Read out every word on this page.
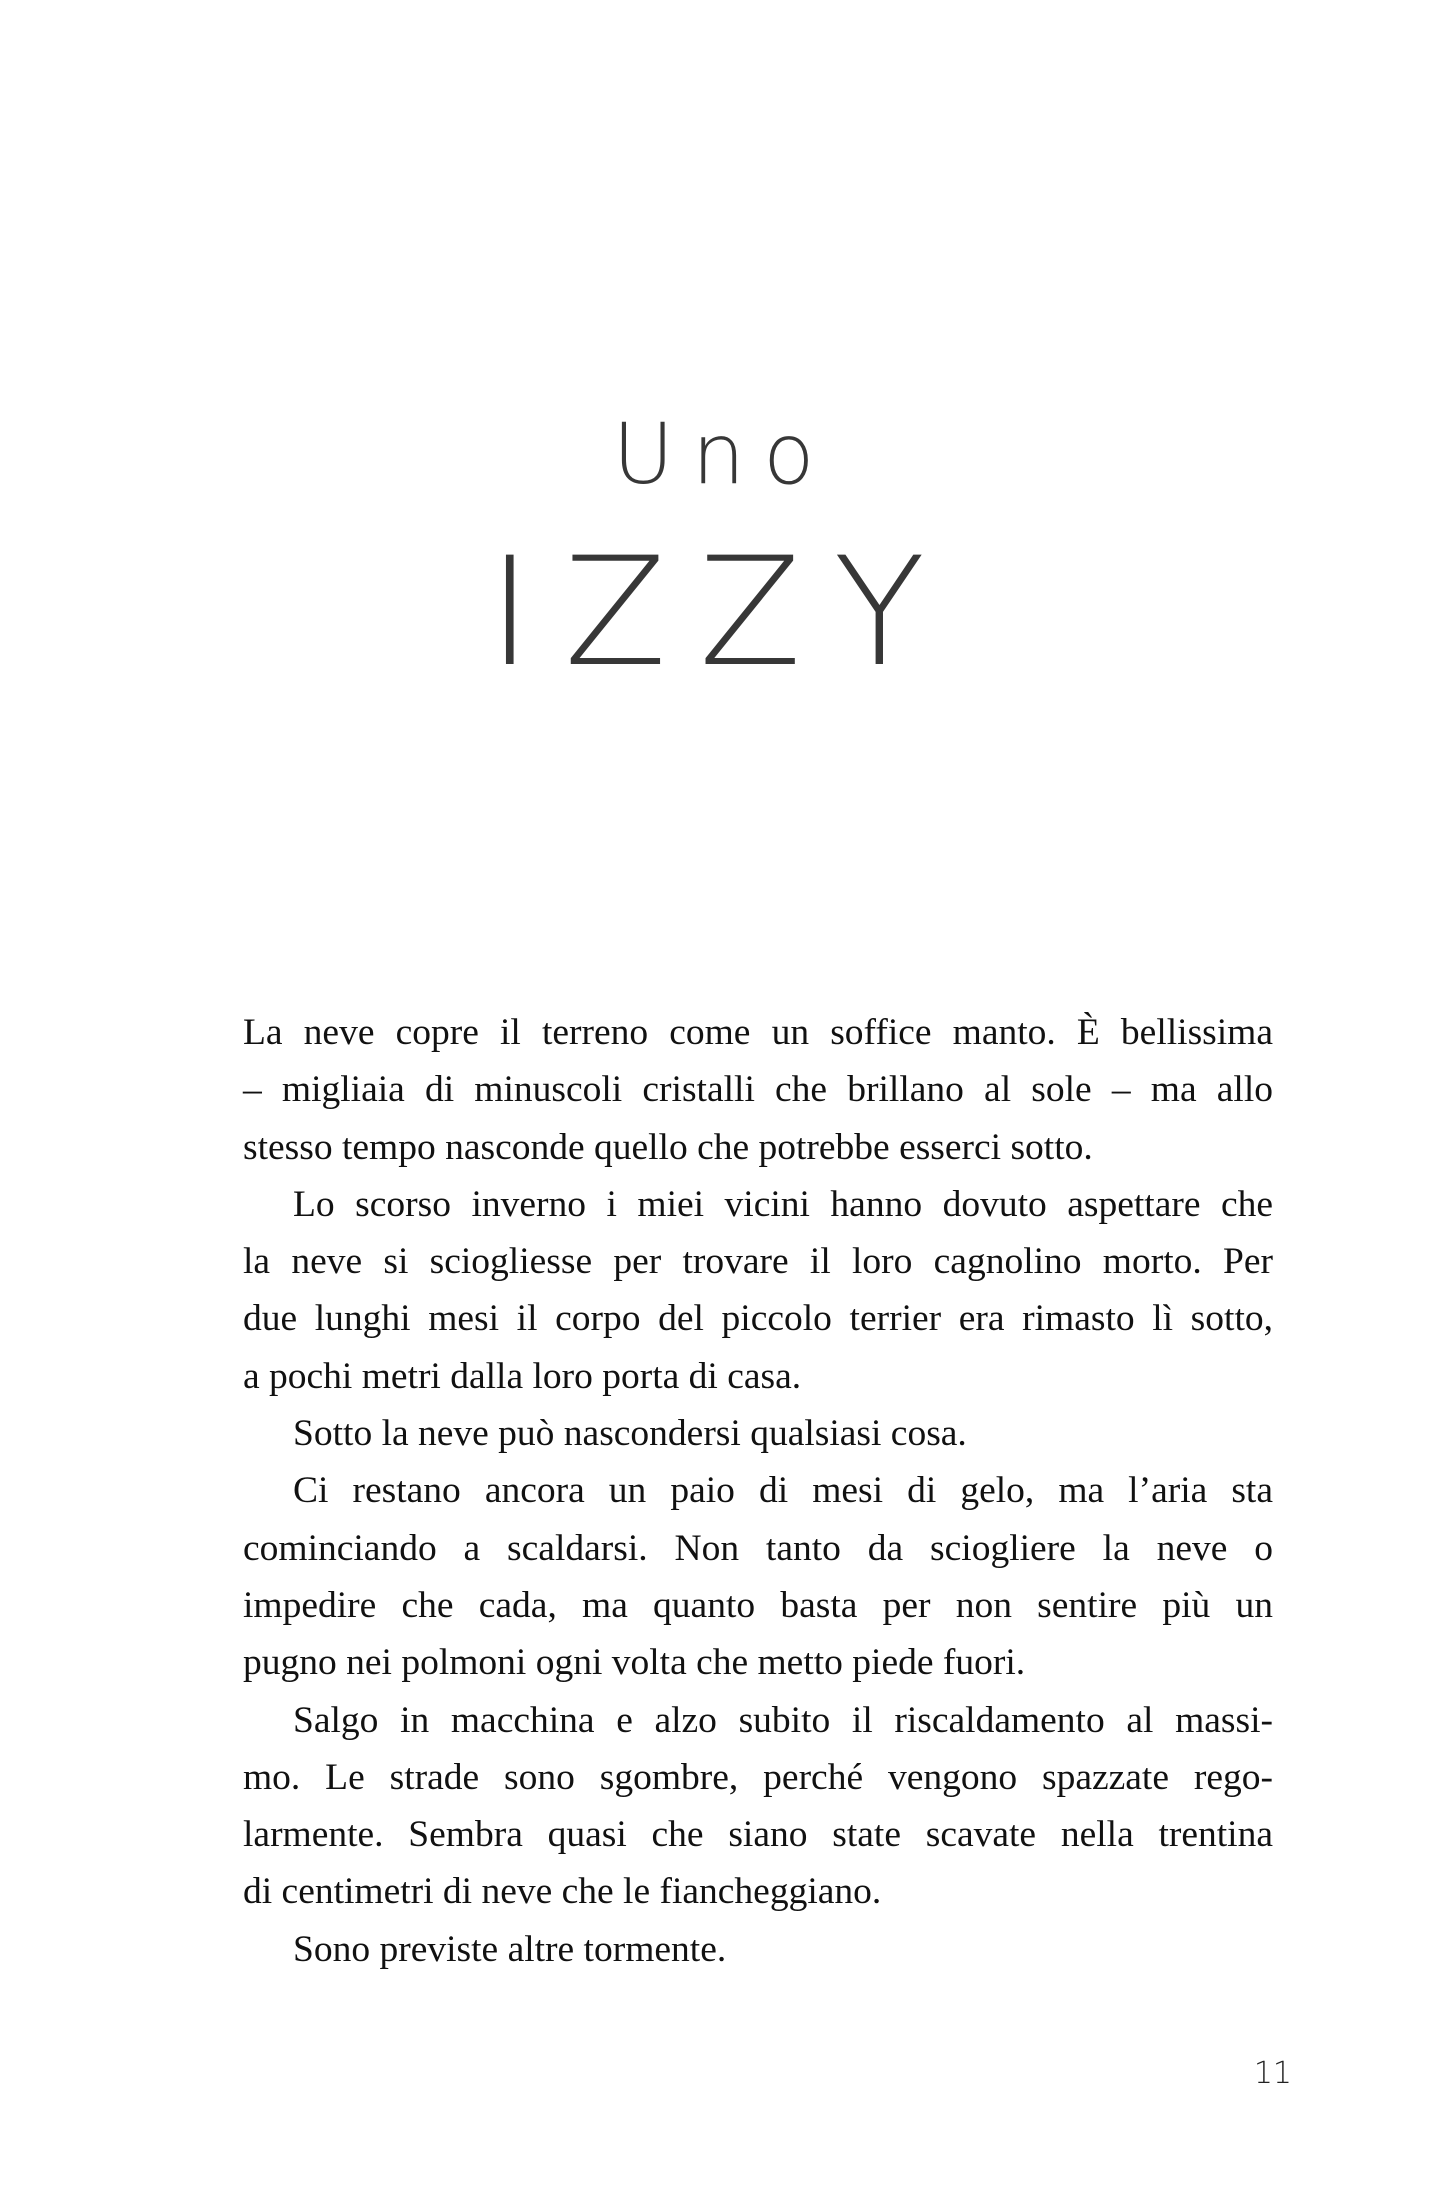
Uno
IZZY

La neve copre il terreno come un soffice manto. È bellissima
– migliaia di minuscoli cristalli che brillano al sole – ma allo
stesso tempo nasconde quello che potrebbe esserci sotto.

Lo scorso inverno i miei vicini hanno dovuto aspettare che
la neve si sciogliesse per trovare il loro cagnolino morto. Per
due lunghi mesi il corpo del piccolo terrier era rimasto lì sotto,
a pochi metri dalla loro porta di casa.

Sotto la neve può nascondersi qualsiasi cosa.

Ci restano ancora un paio di mesi di gelo, ma l’aria sta
cominciando a scaldarsi. Non tanto da sciogliere la neve o
impedire che cada, ma quanto basta per non sentire più un
pugno nei polmoni ogni volta che metto piede fuori.

Salgo in macchina e alzo subito il riscaldamento al massi-
mo. Le strade sono sgombre, perché vengono spazzate rego-
larmente. Sembra quasi che siano state scavate nella trentina
di centimetri di neve che le fiancheggiano.

Sono previste altre tormente.

11
